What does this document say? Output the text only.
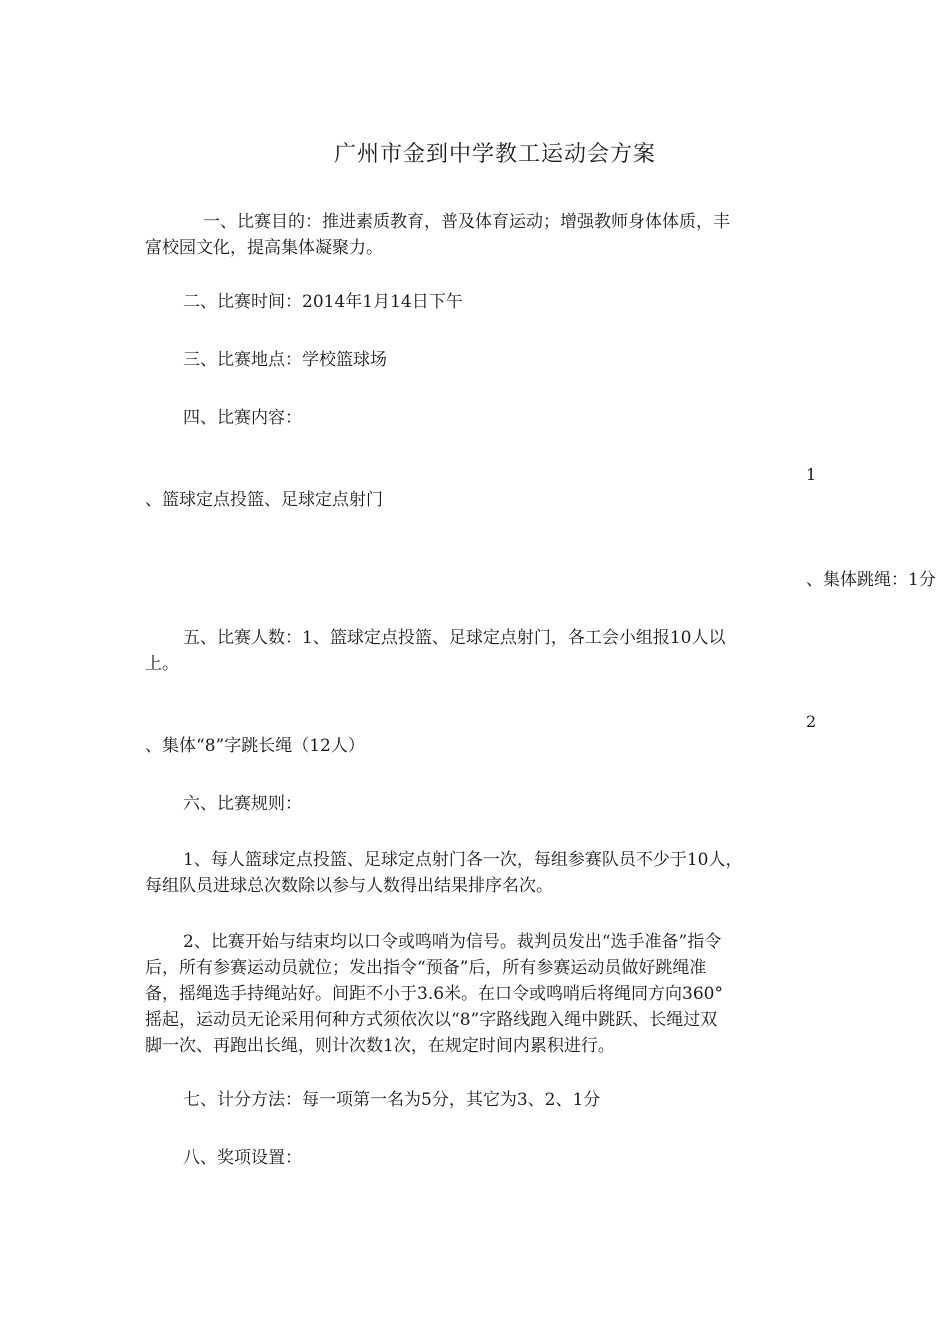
广州市金到中学教工运动会方案
一、比赛目的：推进素质教育，普及体育运动；增强教师身体体质，丰
富校园文化，提高集体凝聚力。
二、比赛时间：2014年1月14日下午
三、比赛地点：学校篮球场
四、比赛内容：
1
、篮球定点投篮、足球定点射门
、集体跳绳：1分
五、比赛人数：1、篮球定点投篮、足球定点射门，各工会小组报10人以
上。
2
、集体“8”字跳长绳（12人）
六、比赛规则：
1、每人篮球定点投篮、足球定点射门各一次，每组参赛队员不少于10人，
每组队员进球总次数除以参与人数得出结果排序名次。
2、比赛开始与结束均以口令或鸣哨为信号。裁判员发出“选手准备”指令
后，所有参赛运动员就位；发出指令“预备”后，所有参赛运动员做好跳绳准
备，摇绳选手持绳站好。间距不小于3.6米。在口令或鸣哨后将绳同方向360°
摇起，运动员无论采用何种方式须依次以“8”字路线跑入绳中跳跃、长绳过双
脚一次、再跑出长绳，则计次数1次，在规定时间内累积进行。
七、计分方法：每一项第一名为5分，其它为3、2、1分
八、奖项设置：
